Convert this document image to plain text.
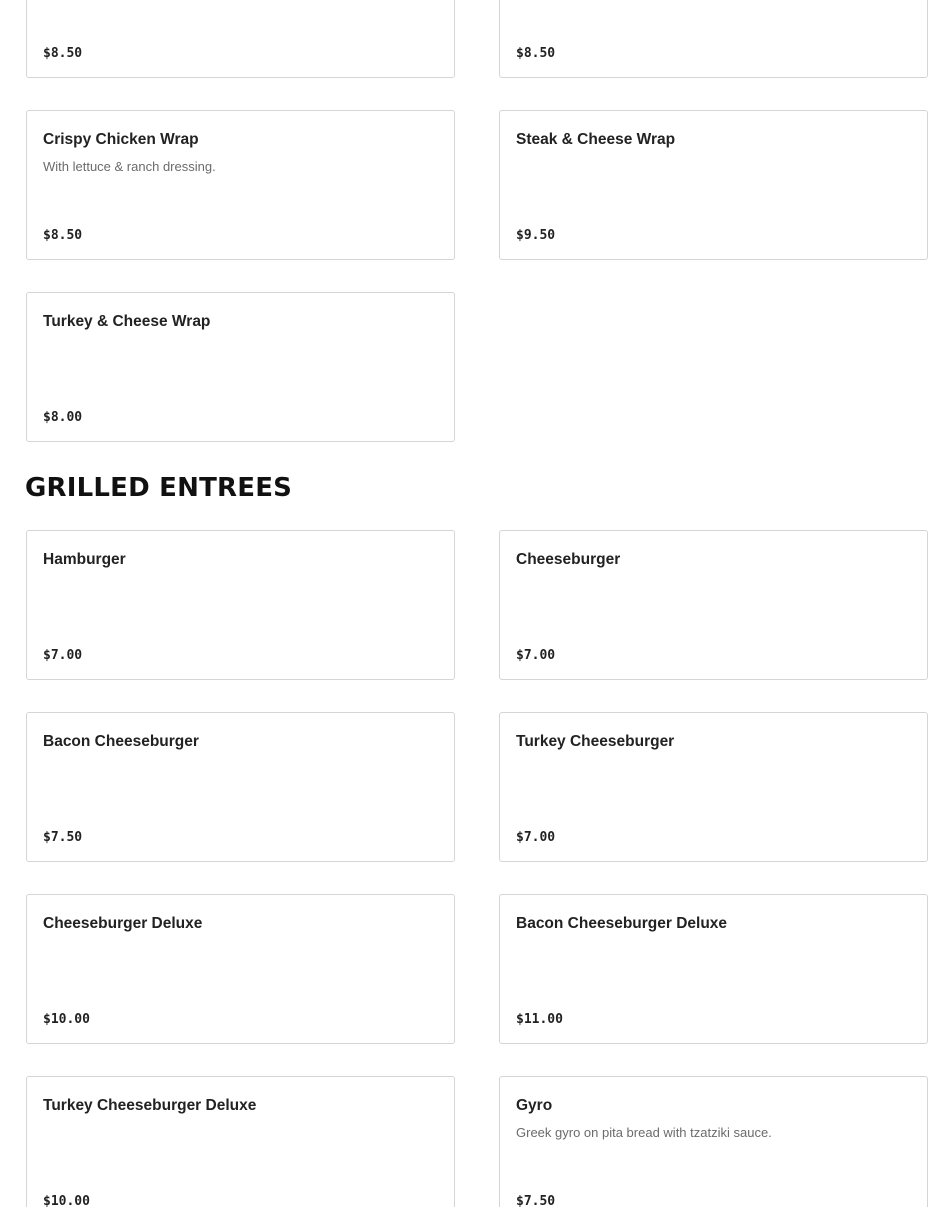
$8.50	$8.50
Crispy Chicken Wrap
With lettuce & ranch dressing.
$8.50
Steak & Cheese Wrap
$9.50
Turkey & Cheese Wrap
$8.00
GRILLED ENTREES
Hamburger
$7.00
Cheeseburger
$7.00
Bacon Cheeseburger
$7.50
Turkey Cheeseburger
$7.00
Cheeseburger Deluxe
$10.00
Bacon Cheeseburger Deluxe
$11.00
Turkey Cheeseburger Deluxe
$10.00
Gyro
Greek gyro on pita bread with tzatziki sauce.
$7.50
